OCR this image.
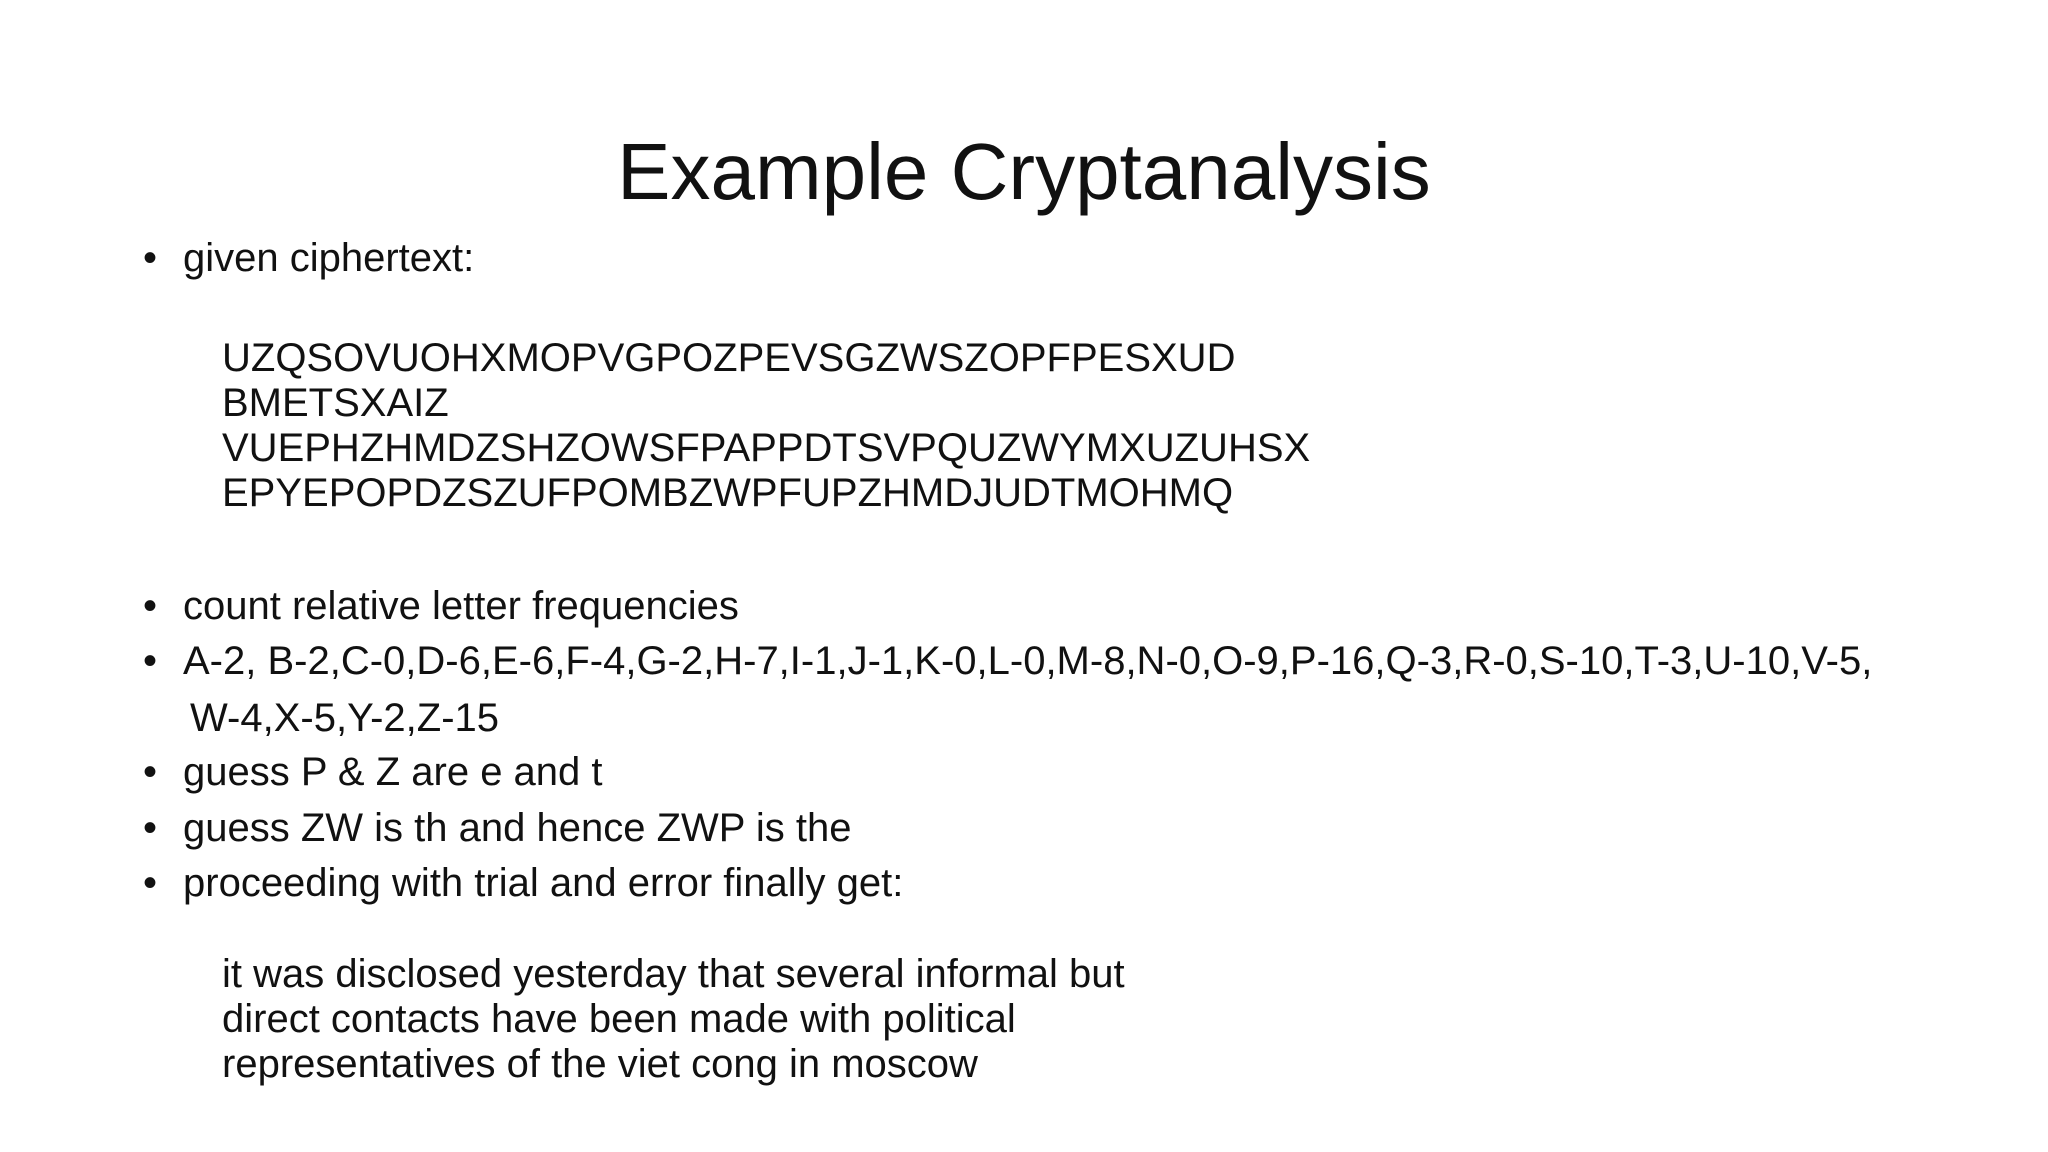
Example Cryptanalysis
• given ciphertext:
UZQSOVUOHXMOPVGPOZPEVSGZWSZOPFPESXUD
BMETSXAIZ
VUEPHZHMDZSHZOWSFPAPPDTSVPQUZWYMXUZUHSX
EPYEPOPDZSZUFPOMBZWPFUPZHMDJUDTMOHMQ
• count relative letter frequencies
• A-2, B-2,C-0,D-6,E-6,F-4,G-2,H-7,I-1,J-1,K-0,L-0,M-8,N-0,O-9,P-16,Q-3,R-0,S-10,T-3,U-10,V-5,
W-4,X-5,Y-2,Z-15
• guess P & Z are e and t
• guess ZW is th and hence ZWP is the
• proceeding with trial and error finally get:
it was disclosed yesterday that several informal but
direct contacts have been made with political
representatives of the viet cong in moscow
